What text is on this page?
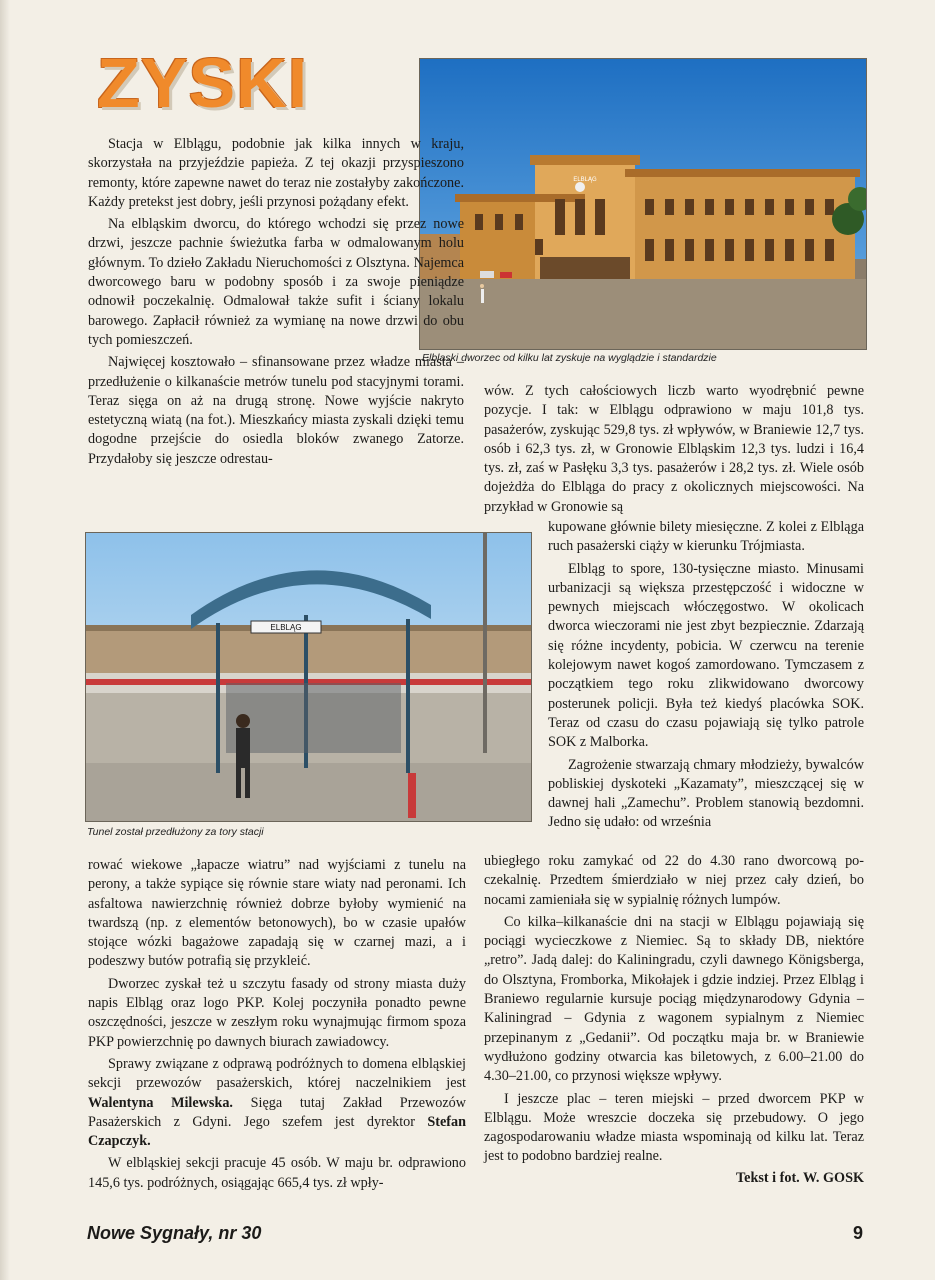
ZYSKI
ELBLĄG

Elbląski dworzec od kilku lat zyskuje na wyglądzie i standardzie

ELBLĄG

Tunel został przedłużony za tory stacji

Stacja w Elblągu, podobnie jak kilka innych w kraju, skorzystała na przyjeździe papieża. Z tej okazji przyspieszono remonty, które zapewne nawet do teraz nie zostałyby zakończone. Każdy pretekst jest dobry, jeśli przynosi pożądany efekt.

Na elbląskim dworcu, do którego wchodzi się przez nowe drzwi, jeszcze pachnie świeżutka farba w odmalowanym holu głównym. To dzieło Zakładu Nieruchomości z Olsztyna. Najemca dworcowego baru w podobny sposób i za swoje pieniądze odnowił poczekalnię. Odmalował także sufit i ściany lokalu barowego. Zapłacił również za wymianę na nowe drzwi do obu tych pomieszczeń.

Najwięcej kosztowało – sfinansowane przez władze miasta – przedłużenie o kilkanaście metrów tunelu pod stacyjnymi torami. Teraz sięga on aż na drugą stronę. Nowe wyjście nakryto estetyczną wiatą (na fot.). Mieszkańcy miasta zyskali dzięki temu dogodne przejście do osiedla bloków zwanego Zatorze. Przydałoby się jeszcze odrestau-

rować wiekowe „łapacze wiatru” nad wyjściami z tunelu na perony, a także sypiące się równie stare wiaty nad peronami. Ich asfaltowa nawierzchnię również dobrze byłoby wymienić na twardszą (np. z elementów betonowych), bo w czasie upałów stojące wózki bagażowe zapadają się w czarnej mazi, a i podeszwy butów potrafią się przykleić.

Dworzec zyskał też u szczytu fasady od strony miasta duży napis Elbląg oraz logo PKP. Kolej poczyniła ponadto pewne oszczędności, jeszcze w zeszłym roku wynajmując firmom spoza PKP powierzchnię po dawnych biurach zawiadowcy.

Sprawy związane z odprawą podróżnych to domena elbląskiej sekcji przewozów pasażerskich, której naczelnikiem jest Walentyna Milewska. Sięga tutaj Zakład Przewozów Pasażerskich z Gdyni. Jego szefem jest dyrektor Stefan Czapczyk.

W elbląskiej sekcji pracuje 45 osób. W maju br. odprawiono 145,6 tys. podróżnych, osiągając 665,4 tys. zł wpły-

wów. Z tych całościowych liczb warto wyodrębnić pewne pozycje. I tak: w Elblągu odprawiono w maju 101,8 tys. pasażerów, zyskując 529,8 tys. zł wpływów, w Braniewie 12,7 tys. osób i 62,3 tys. zł, w Gronowie Elbląskim 12,3 tys. ludzi i 16,4 tys. zł, zaś w Pasłęku 3,3 tys. pasażerów i 28,2 tys. zł. Wiele osób dojeżdża do Elbląga do pracy z okolicznych miejscowości. Na przykład w Gronowie są

kupowane głównie bilety miesięczne. Z kolei z Elbląga ruch pasażerski ciąży w kierunku Trójmiasta.

Elbląg to spore, 130-tysięczne miasto. Minusami urbanizacji są większa przestępczość i widoczne w pewnych miejscach włóczęgostwo. W okolicach dworca wieczorami nie jest zbyt bezpiecznie. Zdarzają się różne incydenty, pobicia. W czerwcu na terenie kolejowym nawet kogoś zamordowano. Tymczasem z początkiem tego roku zlikwidowano dworcowy posterunek policji. Była też kiedyś placówka SOK. Teraz od czasu do czasu pojawiają się tylko patrole SOK z Malborka.

Zagrożenie stwarzają chmary młodzieży, bywalców pobliskiej dyskoteki „Kazamaty”, mieszczącej się w dawnej hali „Zamechu”. Problem stanowią bezdomni. Jedno się udało: od września

ubiegłego roku zamykać od 22 do 4.30 rano dworcową poczekalnię. Przedtem śmierdziało w niej przez cały dzień, bo nocami zamieniała się w sypialnię różnych lumpów.

Co kilka–kilkanaście dni na stacji w Elblągu pojawiają się pociągi wycieczkowe z Niemiec. Są to składy DB, niektóre „retro”. Jadą dalej: do Kaliningradu, czyli dawnego Königsberga, do Olsztyna, Fromborka, Mikołajek i gdzie indziej. Przez Elbląg i Braniewo regularnie kursuje pociąg międzynarodowy Gdynia – Kaliningrad – Gdynia z wagonem sypialnym z Niemiec przepinanym z „Gedanii”. Od początku maja br. w Braniewie wydłużono godziny otwarcia kas biletowych, z 6.00–21.00 do 4.30–21.00, co przynosi większe wpływy.

I jeszcze plac – teren miejski – przed dworcem PKP w Elblągu. Może wreszcie doczeka się przebudowy. O jego zagospodarowaniu władze miasta wspominają od kilku lat. Teraz jest to podobno bardziej realne.

Tekst i fot. W. GOSK

Nowe Sygnały, nr 30	9
